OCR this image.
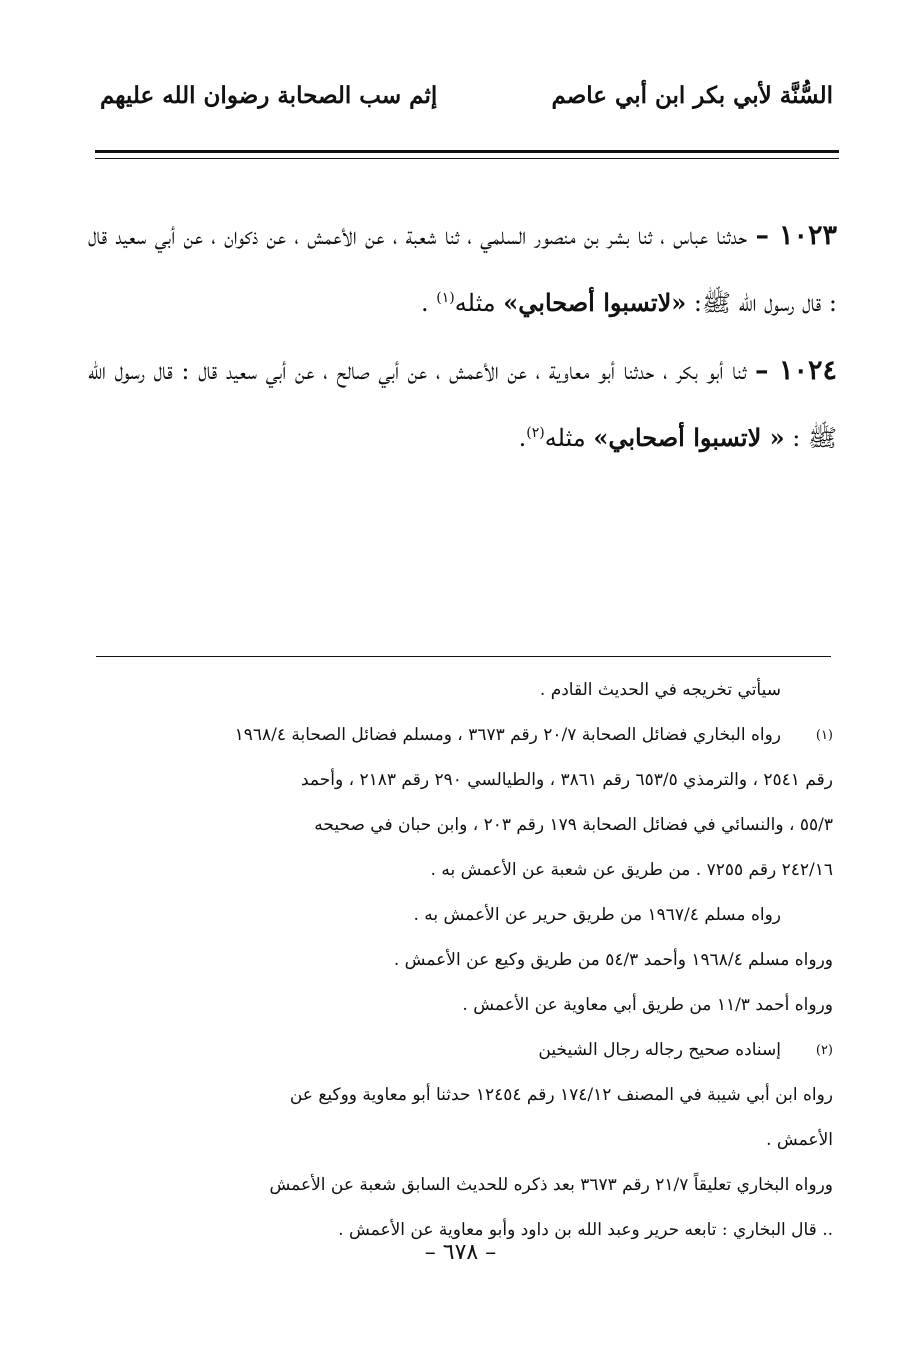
السُّنَّة لأبي بكر ابن أبي عاصم
إثم سب الصحابة رضوان الله عليهم

١٠٢٣ – حدثنا عباس ، ثنا بشر بن منصور السلمي ، ثنا شعبة ، عن الأعمش ، عن ذكوان ، عن أبي سعيد قال : قال رسول الله ﷺ: «لاتسبوا أصحابي» مثله$^{(١)}$ .

١٠٢٤ – ثنا أبو بكر ، حدثنا أبو معاوية ، عن الأعمش ، عن أبي صالح ، عن أبي سعيد قال : قال رسول الله ﷺ : « لاتسبوا أصحابي» مثله$^{(٢)}$.

سيأتي تخريجه في الحديث القادم .
(١)
رواه البخاري فضائل الصحابة ٢٠/٧ رقم ٣٦٧٣ ، ومسلم فضائل الصحابة ١٩٦٨/٤
رقم ٢٥٤١ ، والترمذي ٦٥٣/٥ رقم ٣٨٦١ ، والطيالسي ٢٩٠ رقم ٢١٨٣ ، وأحمد
٥٥/٣ ، والنسائي في فضائل الصحابة ١٧٩ رقم ٢٠٣ ، وابن حبان في صحيحه
٢٤٢/١٦ رقم ٧٢٥٥ . من طريق عن شعبة عن الأعمش به .
رواه مسلم ١٩٦٧/٤ من طريق حرير عن الأعمش به .
ورواه مسلم ١٩٦٨/٤ وأحمد ٥٤/٣ من طريق وكيع عن الأعمش .
ورواه أحمد ١١/٣ من طريق أبي معاوية عن الأعمش .
(٢)
إسناده صحيح رجاله رجال الشيخين
رواه ابن أبي شيبة في المصنف ١٧٤/١٢ رقم ١٢٤٥٤ حدثنا أبو معاوية ووكيع عن
الأعمش .
ورواه البخاري تعليقاً ٢١/٧ رقم ٣٦٧٣ بعد ذكره للحديث السابق شعبة عن الأعمش
.. قال البخاري : تابعه حرير وعبد الله بن داود وأبو معاوية عن الأعمش .
– ٦٧٨ –
